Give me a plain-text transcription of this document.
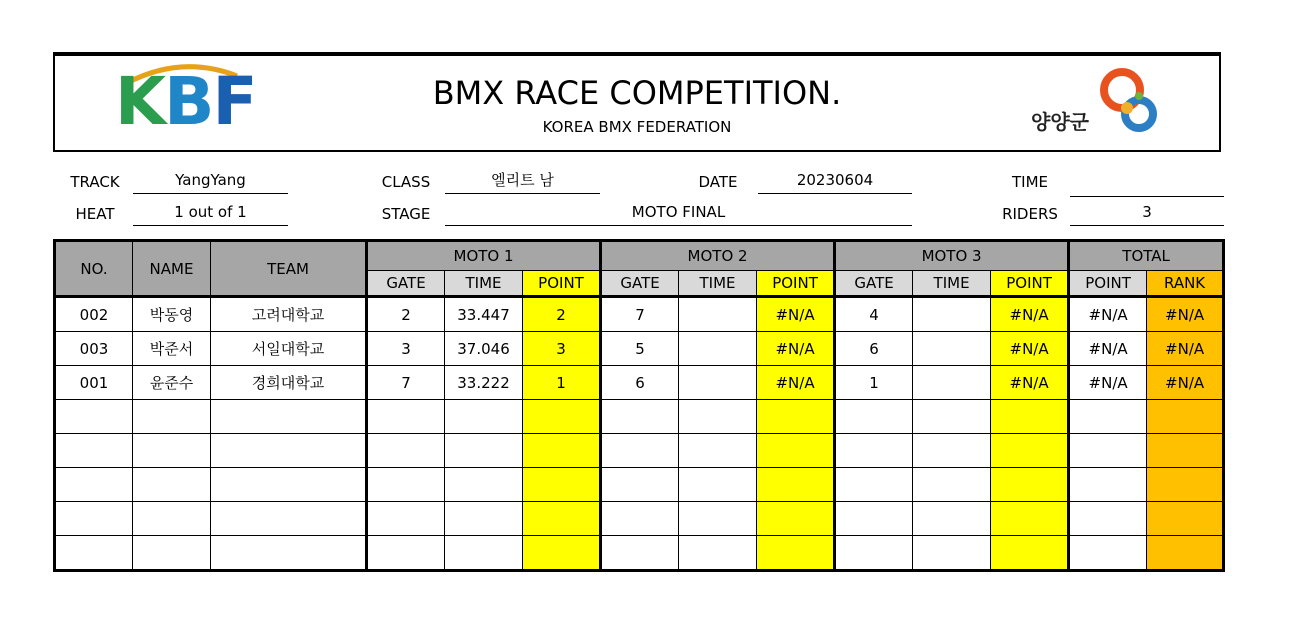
KBF	BMX RACE COMPETITION.
KOREA BMX FEDERATION	양양군
TRACK	YangYang	CLASS	엘리트 남	DATE	20230604	TIME
HEAT	1 out of 1	STAGE	MOTO FINAL	RIDERS	3
NO.	NAME	TEAM	MOTO 1			MOTO 2			MOTO 3			TOTAL	
			GATE	TIME	POINT	GATE	TIME	POINT	GATE	TIME	POINT	POINT	RANK
002	박동영	고려대학교	2	33.447	2	7		#N/A	4		#N/A	#N/A	#N/A
003	박준서	서일대학교	3	37.046	3	5		#N/A	6		#N/A	#N/A	#N/A
001	윤준수	경희대학교	7	33.222	1	6		#N/A	1		#N/A	#N/A	#N/A
